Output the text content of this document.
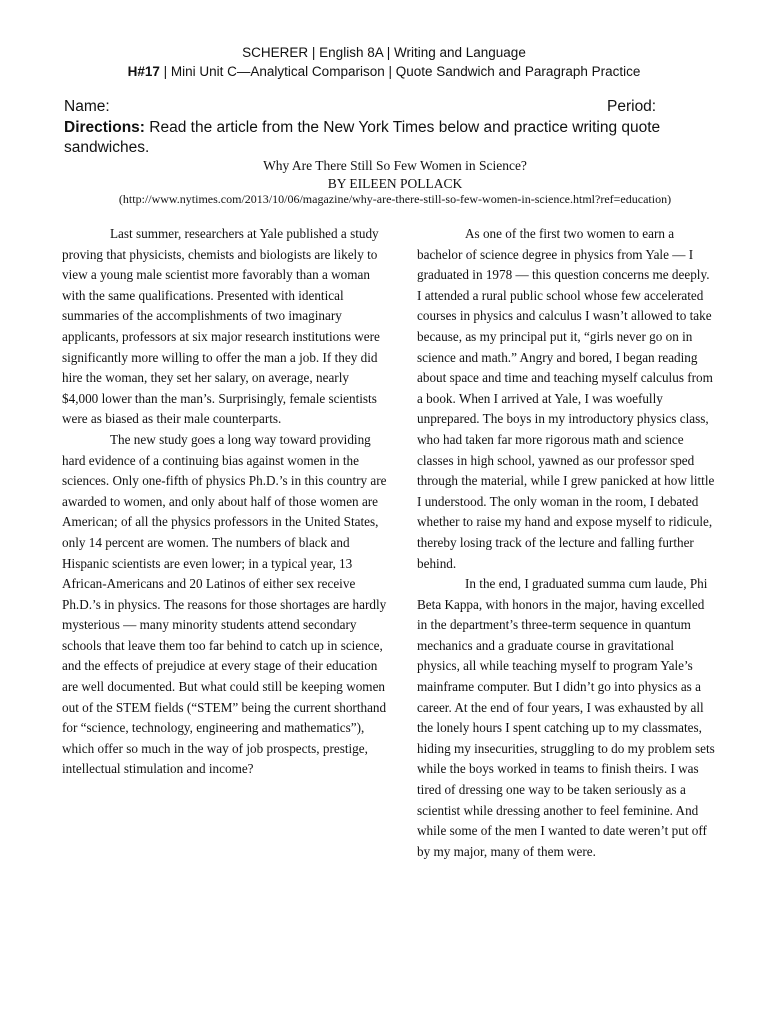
SCHERER | English 8A | Writing and Language
H#17 | Mini Unit C—Analytical Comparison | Quote Sandwich and Paragraph Practice
Name:	Period:
Directions: Read the article from the New York Times below and practice writing quote sandwiches.
Why Are There Still So Few Women in Science?
BY EILEEN POLLACK
(http://www.nytimes.com/2013/10/06/magazine/why-are-there-still-so-few-women-in-science.html?ref=education)

Last summer, researchers at Yale published a study proving that physicists, chemists and biologists are likely to view a young male scientist more favorably than a woman with the same qualifications. Presented with identical summaries of the accomplishments of two imaginary applicants, professors at six major research institutions were significantly more willing to offer the man a job. If they did hire the woman, they set her salary, on average, nearly $4,000 lower than the man’s. Surprisingly, female scientists were as biased as their male counterparts.

The new study goes a long way toward providing hard evidence of a continuing bias against women in the sciences. Only one-fifth of physics Ph.D.’s in this country are awarded to women, and only about half of those women are American; of all the physics professors in the United States, only 14 percent are women. The numbers of black and Hispanic scientists are even lower; in a typical year, 13 African-Americans and 20 Latinos of either sex receive Ph.D.’s in physics. The reasons for those shortages are hardly mysterious — many minority students attend secondary schools that leave them too far behind to catch up in science, and the effects of prejudice at every stage of their education are well documented. But what could still be keeping women out of the STEM fields (“STEM” being the current shorthand for “science, technology, engineering and mathematics”), which offer so much in the way of job prospects, prestige, intellectual stimulation and income?

As one of the first two women to earn a bachelor of science degree in physics from Yale — I graduated in 1978 — this question concerns me deeply. I attended a rural public school whose few accelerated courses in physics and calculus I wasn’t allowed to take because, as my principal put it, “girls never go on in science and math.” Angry and bored, I began reading about space and time and teaching myself calculus from a book. When I arrived at Yale, I was woefully unprepared. The boys in my introductory physics class, who had taken far more rigorous math and science classes in high school, yawned as our professor sped through the material, while I grew panicked at how little I understood. The only woman in the room, I debated whether to raise my hand and expose myself to ridicule, thereby losing track of the lecture and falling further behind.

In the end, I graduated summa cum laude, Phi Beta Kappa, with honors in the major, having excelled in the department’s three-term sequence in quantum mechanics and a graduate course in gravitational physics, all while teaching myself to program Yale’s mainframe computer. But I didn’t go into physics as a career. At the end of four years, I was exhausted by all the lonely hours I spent catching up to my classmates, hiding my insecurities, struggling to do my problem sets while the boys worked in teams to finish theirs. I was tired of dressing one way to be taken seriously as a scientist while dressing another to feel feminine. And while some of the men I wanted to date weren’t put off by my major, many of them were.
